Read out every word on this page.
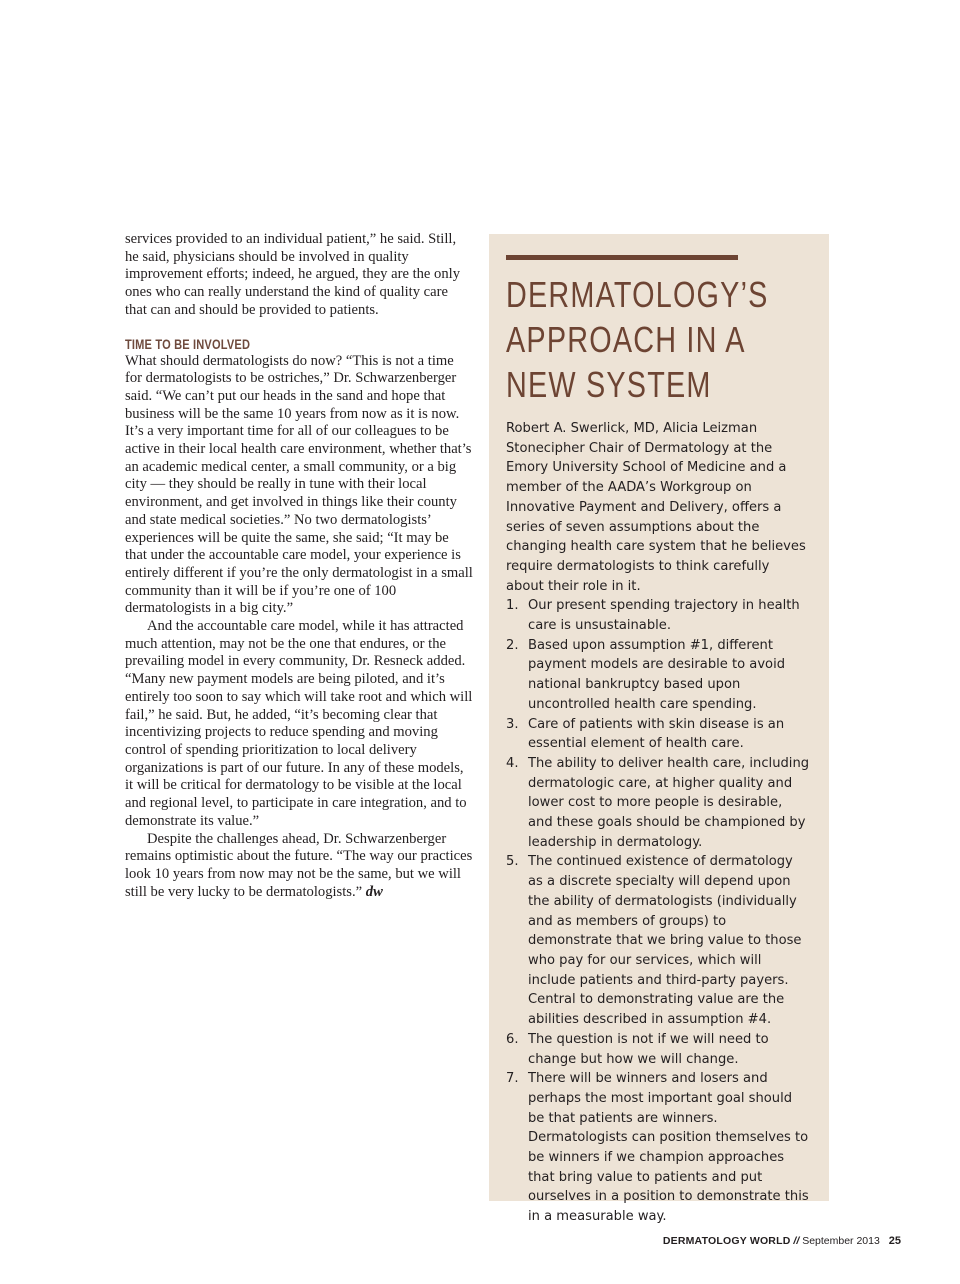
services provided to an individual patient,” he said. Still, he said, physicians should be involved in quality improvement efforts; indeed, he argued, they are the only ones who can really understand the kind of quality care that can and should be provided to patients.

TIME TO BE INVOLVED

What should dermatologists do now? “This is not a time for dermatologists to be ostriches,” Dr. Schwarzenberger said. “We can’t put our heads in the sand and hope that business will be the same 10 years from now as it is now. It’s a very important time for all of our colleagues to be active in their local health care environment, whether that’s an academic medical center, a small community, or a big city — they should be really in tune with their local environment, and get involved in things like their county and state medical societies.” No two dermatologists’ experiences will be quite the same, she said; “It may be that under the accountable care model, your experience is entirely different if you’re the only dermatologist in a small community than it will be if you’re one of 100 dermatologists in a big city.”

And the accountable care model, while it has attracted much attention, may not be the one that endures, or the prevailing model in every community, Dr. Resneck added. “Many new payment models are being piloted, and it’s entirely too soon to say which will take root and which will fail,” he said. But, he added, “it’s becoming clear that incentivizing projects to reduce spending and moving control of spending prioritization to local delivery organizations is part of our future. In any of these models, it will be critical for dermatology to be visible at the local and regional level, to participate in care integration, and to demonstrate its value.”

Despite the challenges ahead, Dr. Schwarzenberger remains optimistic about the future. “The way our practices look 10 years from now may not be the same, but we will still be very lucky to be dermatologists.” dw

DERMATOLOGY’S
APPROACH IN A
NEW SYSTEM

Robert A. Swerlick, MD, Alicia Leizman Stonecipher Chair of Dermatology at the Emory University School of Medicine and a member of the AADA’s Workgroup on Innovative Payment and Delivery, offers a series of seven assumptions about the changing health care system that he believes require dermatologists to think carefully about their role in it.

1. Our present spending trajectory in health care is unsustainable.
2. Based upon assumption #1, different payment models are desirable to avoid national bankruptcy based upon uncontrolled health care spending.
3. Care of patients with skin disease is an essential element of health care.
4. The ability to deliver health care, including dermatologic care, at higher quality and lower cost to more people is desirable, and these goals should be championed by leadership in dermatology.
5. The continued existence of dermatology as a discrete specialty will depend upon the ability of dermatologists (individually and as members of groups) to demonstrate that we bring value to those who pay for our services, which will include patients and third-party payers. Central to demonstrating value are the abilities described in assumption #4.
6. The question is not if we will need to change but how we will change.
7. There will be winners and losers and perhaps the most important goal should be that patients are winners. Dermatologists can position themselves to be winners if we champion approaches that bring value to patients and put ourselves in a position to demonstrate this in a measurable way.
DERMATOLOGY WORLD // September 2013 25
